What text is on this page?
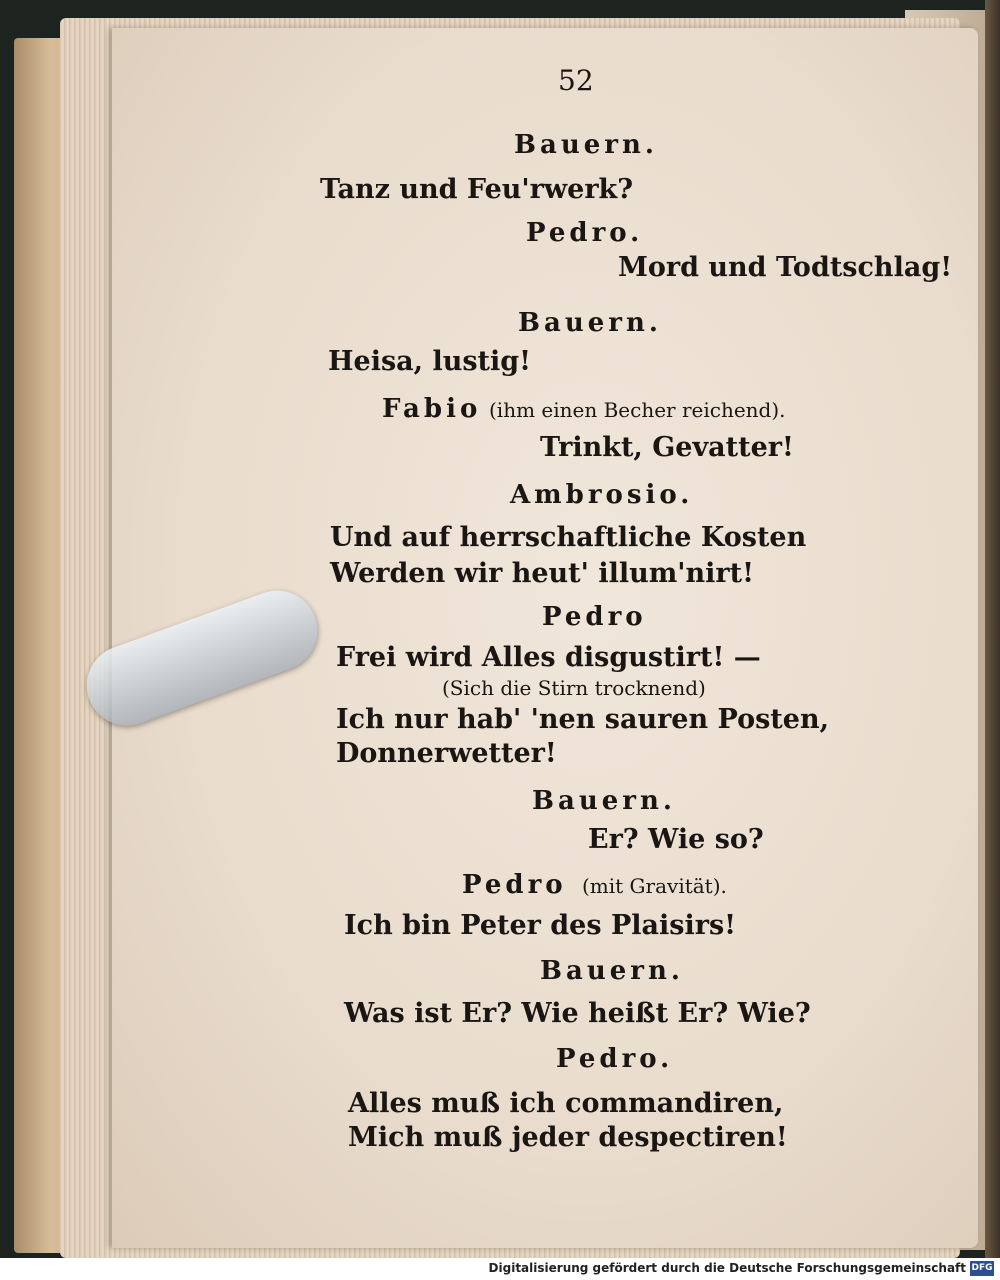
52
Bauern.
Tanz und Feu'rwerk?
Pedro.
Mord und Todtschlag!
Bauern.
Heisa, lustig!
Fabio (ihm einen Becher reichend).
Trinkt, Gevatter!
Ambrosio.
Und auf herrschaftliche Kosten
Werden wir heut' illum'nirt!
Pedro
Frei wird Alles disgustirt! —
(Sich die Stirn trocknend)
Ich nur hab' 'nen sauren Posten,
Donnerwetter!
Bauern.
Er? Wie so?
Pedro (mit Gravität).
Ich bin Peter des Plaisirs!
Bauern.
Was ist Er? Wie heißt Er? Wie?
Pedro.
Alles muß ich commandiren,
Mich muß jeder despectiren!
Digitalisierung gefördert durch die Deutsche Forschungsgemeinschaft DFG
